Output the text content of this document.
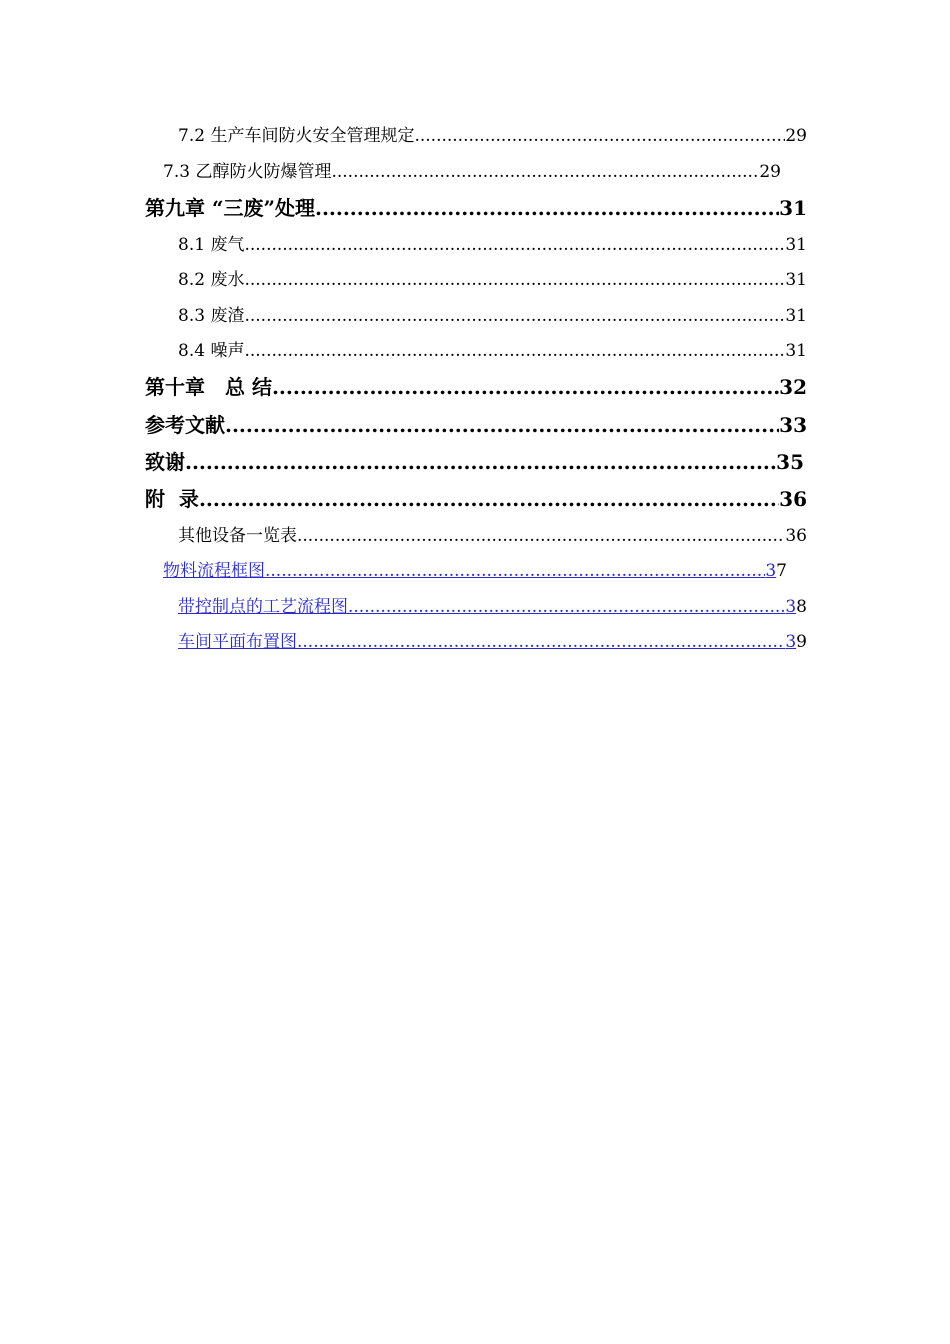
7.2 生产车间防火安全管理规定 .....	29
7.3 乙醇防火防爆管理 .....	29
第九章 “三废”处理 .....	31
8.1 废气 .....	31
8.2 废水 .....	31
8.3 废渣 .....	31
8.4 噪声 .....	31
第十章　总 结 .....	32
参考文献 .....	33
致谢 .....	35
附  录 .....	36
其他设备一览表 .....	36
物料流程框图 .....	3 7
带控制点的工艺流程图 .....	3 8
车间平面布置图 .....	3 9
